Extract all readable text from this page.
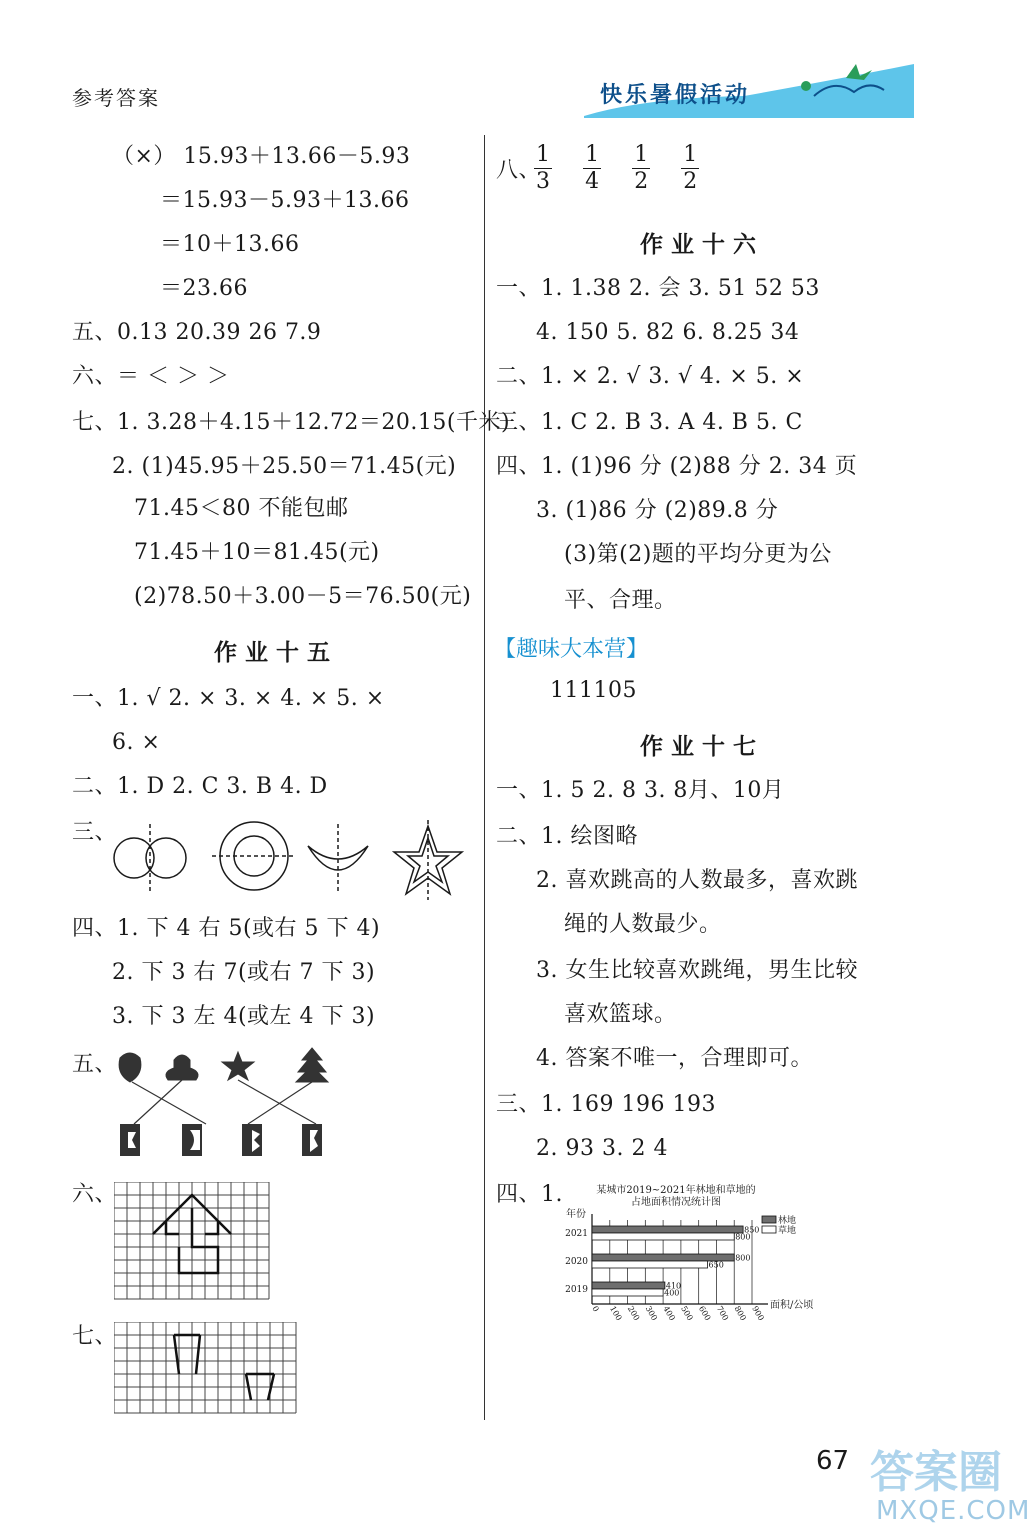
参考答案	快乐暑假活动
（×） 15.93＋13.66－5.93
＝15.93－5.93＋13.66
＝10＋13.66
＝23.66
五、0.13 20.39 26 7.9
六、＝ ＜ ＞ ＞
七、1. 3.28＋4.15＋12.72＝20.15(千米)
2. (1)45.95＋25.50＝71.45(元)
71.45＜80 不能包邮
71.45＋10＝81.45(元)
(2)78.50＋3.00－5＝76.50(元)
作业十五
一、1. √ 2. × 3. × 4. × 5. ×
6. ×
二、1. D 2. C 3. B 4. D
三、
四、1. 下 4 右 5(或右 5 下 4)
2. 下 3 右 7(或右 7 下 3)
3. 下 3 左 4(或左 4 下 3)
五、
六、
七、
八、
$\frac{1}{3}$
$\frac{1}{4}$
$\frac{1}{2}$
$\frac{1}{2}$
作业十六
一、1. 1.38 2. 会 3. 51 52 53
4. 150 5. 82 6. 8.25 34
二、1. × 2. √ 3. √ 4. × 5. ×
三、1. C 2. B 3. A 4. B 5. C
四、1. (1)96 分 (2)88 分 2. 34 页
3. (1)86 分 (2)89.8 分
(3)第(2)题的平均分更为公
平、合理。
【趣味大本营】
111105
作业十七
一、1. 5 2. 8 3. 8月、10月
二、1. 绘图略
2. 喜欢跳高的人数最多，喜欢跳
绳的人数最少。
3. 女生比较喜欢跳绳，男生比较
喜欢篮球。
4. 答案不唯一，合理即可。
三、1. 169 196 193
2. 93 3. 2 4
四、1.	某城市2019~2021年林地和草地的
占地面积情况统计图
年份
2021	850
800
2020	800
650
2019	410
400
0 100 200 300 400 500 600 700 800 900
林地
草地
面积/公顷
答案圈
67
MXQE.COM
